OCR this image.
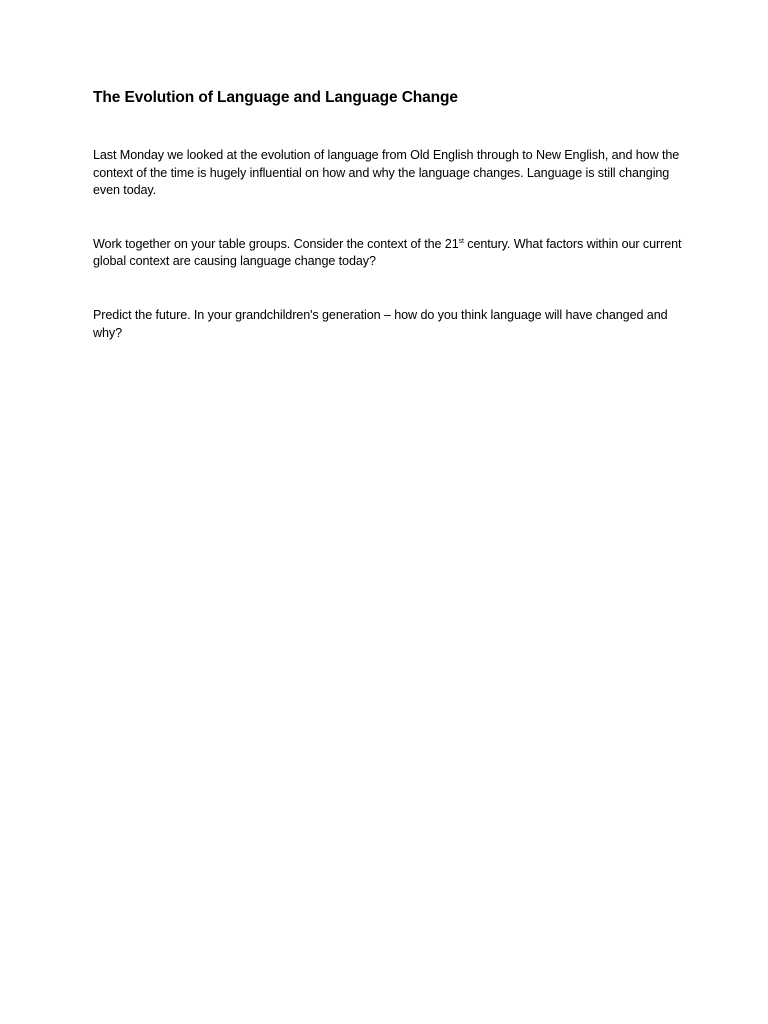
The Evolution of Language and Language Change

Last Monday we looked at the evolution of language from Old English through to New English, and how the context of the time is hugely influential on how and why the language changes. Language is still changing even today.

Work together on your table groups. Consider the context of the 21st century. What factors within our current global context are causing language change today?

Predict the future. In your grandchildren's generation – how do you think language will have changed and why?
